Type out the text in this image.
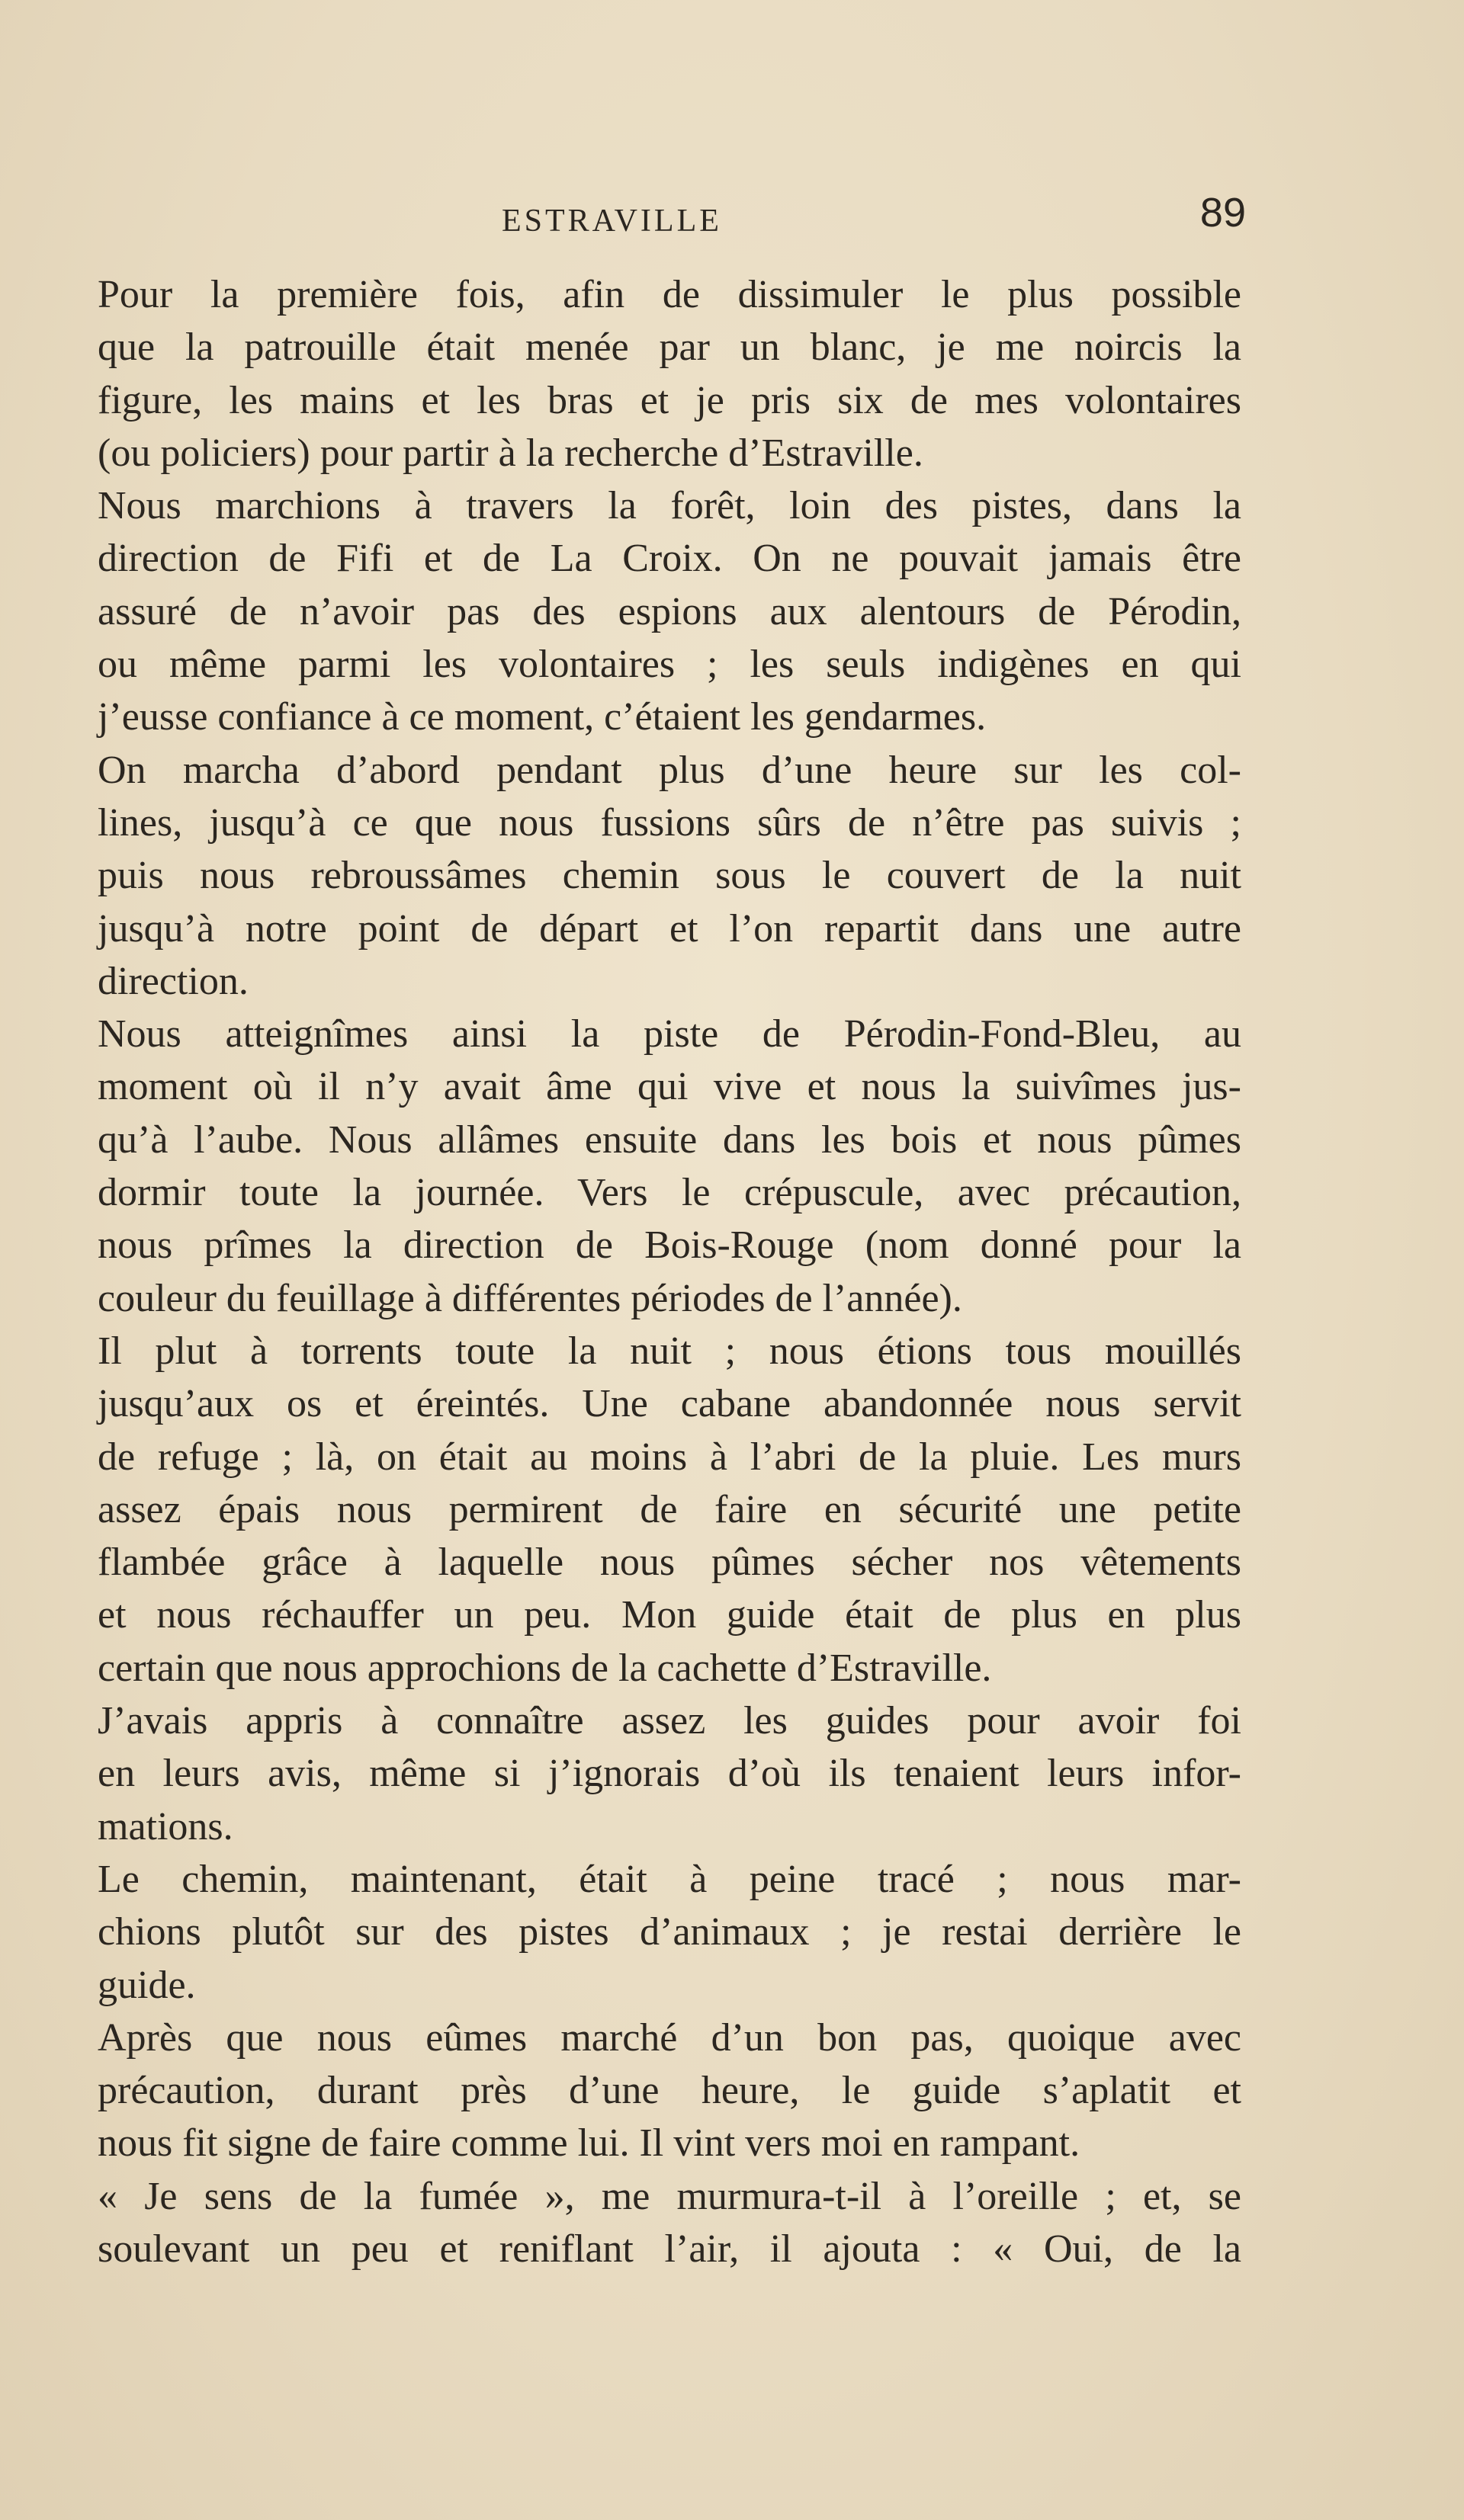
ESTRAVILLE	89
Pour la première fois, afin de dissimuler le plus possible
que la patrouille était menée par un blanc, je me noircis la
figure, les mains et les bras et je pris six de mes volontaires
(ou policiers) pour partir à la recherche d’Estraville.
Nous marchions à travers la forêt, loin des pistes, dans la
direction de Fifi et de La Croix. On ne pouvait jamais être
assuré de n’avoir pas des espions aux alentours de Pérodin,
ou même parmi les volontaires ; les seuls indigènes en qui
j’eusse confiance à ce moment, c’étaient les gendarmes.
On marcha d’abord pendant plus d’une heure sur les col-
lines, jusqu’à ce que nous fussions sûrs de n’être pas suivis ;
puis nous rebroussâmes chemin sous le couvert de la nuit
jusqu’à notre point de départ et l’on repartit dans une autre
direction.
Nous atteignîmes ainsi la piste de Pérodin-Fond-Bleu, au
moment où il n’y avait âme qui vive et nous la suivîmes jus-
qu’à l’aube. Nous allâmes ensuite dans les bois et nous pûmes
dormir toute la journée. Vers le crépuscule, avec précaution,
nous prîmes la direction de Bois-Rouge (nom donné pour la
couleur du feuillage à différentes périodes de l’année).
Il plut à torrents toute la nuit ; nous étions tous mouillés
jusqu’aux os et éreintés. Une cabane abandonnée nous servit
de refuge ; là, on était au moins à l’abri de la pluie. Les murs
assez épais nous permirent de faire en sécurité une petite
flambée grâce à laquelle nous pûmes sécher nos vêtements
et nous réchauffer un peu. Mon guide était de plus en plus
certain que nous approchions de la cachette d’Estraville.
J’avais appris à connaître assez les guides pour avoir foi
en leurs avis, même si j’ignorais d’où ils tenaient leurs infor-
mations.
Le chemin, maintenant, était à peine tracé ; nous mar-
chions plutôt sur des pistes d’animaux ; je restai derrière le
guide.
Après que nous eûmes marché d’un bon pas, quoique avec
précaution, durant près d’une heure, le guide s’aplatit et
nous fit signe de faire comme lui. Il vint vers moi en rampant.
« Je sens de la fumée », me murmura-t-il à l’oreille ; et, se
soulevant un peu et reniflant l’air, il ajouta : « Oui, de la
